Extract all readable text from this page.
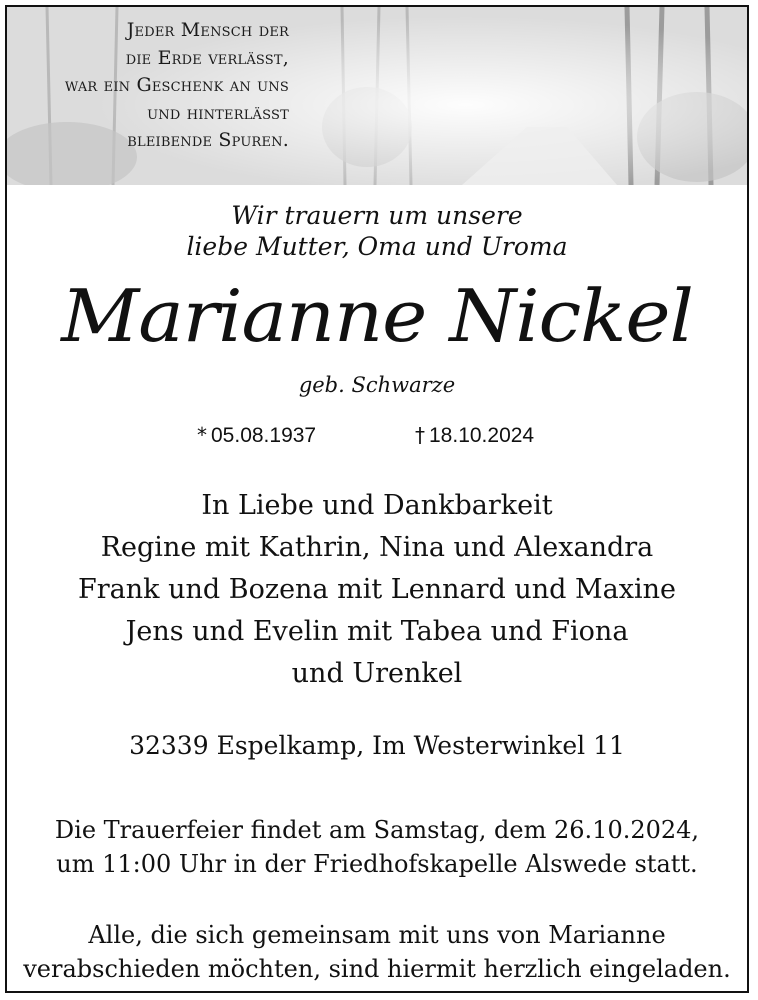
Jeder Mensch der
die Erde verlässt,
war ein Geschenk an uns
und hinterlässt
bleibende Spuren.
Wir trauern um unsere
liebe Mutter, Oma und Uroma
Marianne Nickel
geb. Schwarze
* 05.08.1937	† 18.10.2024
In Liebe und Dankbarkeit
Regine mit Kathrin, Nina und Alexandra
Frank und Bozena mit Lennard und Maxine
Jens und Evelin mit Tabea und Fiona
und Urenkel
32339 Espelkamp, Im Westerwinkel 11
Die Trauerfeier findet am Samstag, dem 26.10.2024,
um 11:00 Uhr in der Friedhofskapelle Alswede statt.
Alle, die sich gemeinsam mit uns von Marianne
verabschieden möchten, sind hiermit herzlich eingeladen.
